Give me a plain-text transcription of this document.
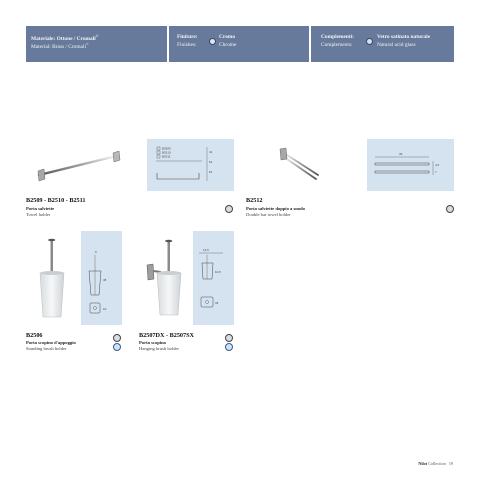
Materiale: Ottone / Cromall®
Material: Brass / Cromall®
Finiture:
Finishes:
Cromo
Chrome
Complementi:
Complements:
Vetro satinato naturale
Natural acid glass
B2509
B2510
B2511
41
51
61
B2509 - B2510 - B2511
Porta salviette
Towel holder
39
4,5
7
B2512
Porta salviette doppio a snodo
Double bar towel holder
9
38
10
B2506
Porta scopino d'appoggio
Standing brush holder
14,5
10,5
33
B2507DX - B2507SX
Porta scopino
Hanging brush holder
Nilot Collection 19
